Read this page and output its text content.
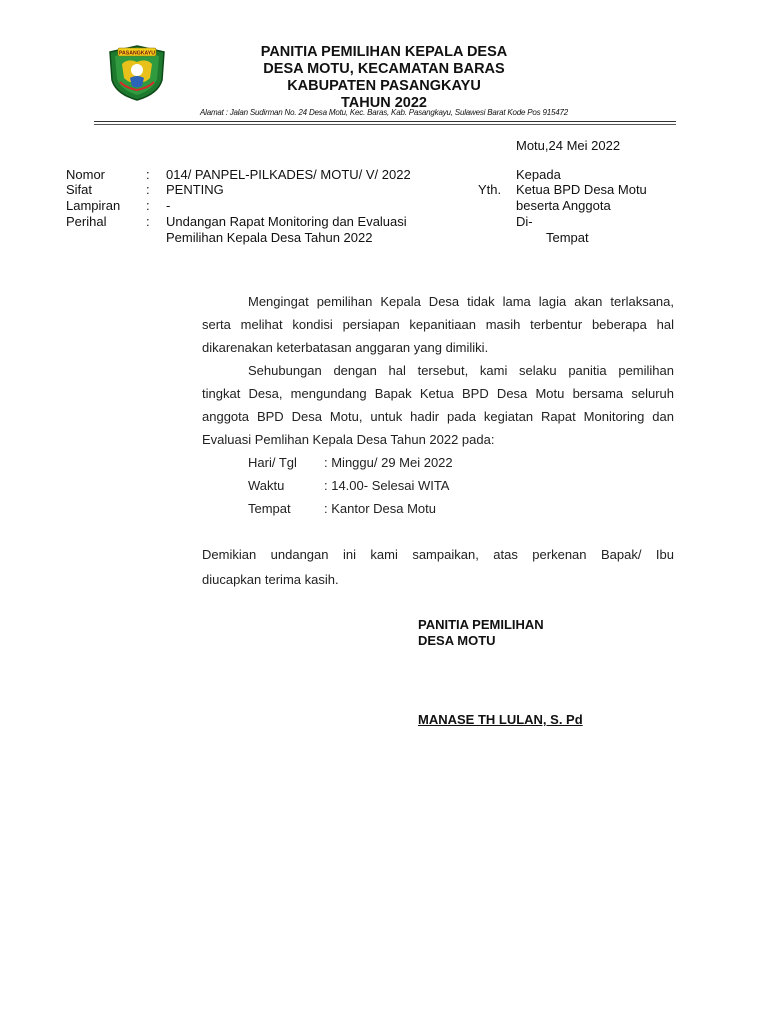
PASANGKAYU	PANITIA PEMILIHAN KEPALA DESA
DESA MOTU, KECAMATAN BARAS
KABUPATEN PASANGKAYU
TAHUN 2022
Alamat : Jalan Sudirman No. 24 Desa Motu, Kec. Baras, Kab. Pasangkayu, Sulawesi Barat Kode Pos 915472
Motu,24 Mei 2022
Nomor	: 014/ PANPEL-PILKADES/ MOTU/ V/ 2022
Sifat	: PENTING
Lampiran : -
Perihal	: Undangan Rapat Monitoring dan Evaluasi
Pemilihan Kepala Desa Tahun 2022
Kepada
Yth. Ketua BPD Desa Motu
beserta Anggota
Di-
Tempat
Mengingat pemilihan Kepala Desa tidak lama lagia akan terlaksana,
serta melihat kondisi persiapan kepanitiaan masih terbentur beberapa hal
dikarenakan keterbatasan anggaran yang dimiliki.
Sehubungan dengan hal tersebut, kami selaku panitia pemilihan
tingkat Desa, mengundang Bapak Ketua BPD Desa Motu bersama seluruh
anggota BPD Desa Motu, untuk hadir pada kegiatan Rapat Monitoring dan
Evaluasi Pemlihan Kepala Desa Tahun 2022 pada:
Hari/ Tgl : Minggu/ 29 Mei 2022
Waktu	: 14.00- Selesai WITA
Tempat	: Kantor Desa Motu
Demikian undangan ini kami sampaikan, atas perkenan Bapak/ Ibu
diucapkan terima kasih.
PANITIA PEMILIHAN
DESA MOTU
MANASE TH LULAN, S. Pd
